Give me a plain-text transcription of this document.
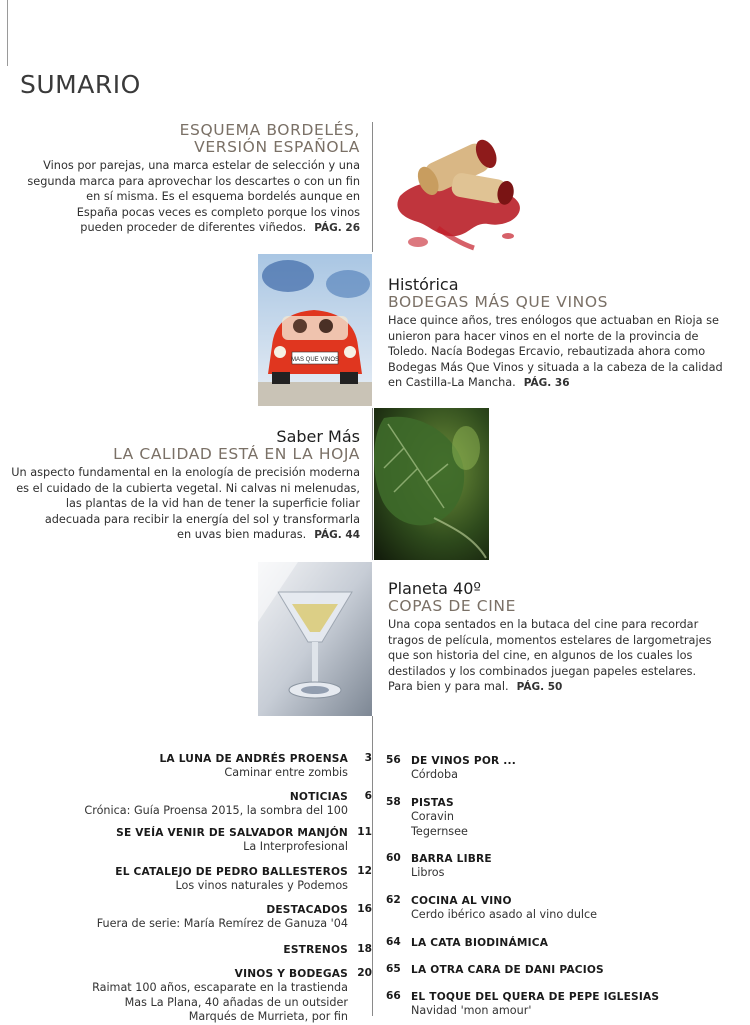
SUMARIO
ESQUEMA BORDELÉS,
VERSIÓN ESPAÑOLA

Vinos por parejas, una marca estelar de selección y una
segunda marca para aprovechar los descartes o con un fin
en sí misma. Es el esquema bordelés aunque en
España pocas veces es completo porque los vinos
pueden proceder de diferentes viñedos. PÁG. 26

MAS QUE VINOS
Histórica
BODEGAS MÁS QUE VINOS

Hace quince años, tres enólogos que actuaban en Rioja se
unieron para hacer vinos en el norte de la provincia de
Toledo. Nacía Bodegas Ercavio, rebautizada ahora como
Bodegas Más Que Vinos y situada a la cabeza de la calidad
en Castilla-La Mancha. PÁG. 36

Saber Más
LA CALIDAD ESTÁ EN LA HOJA

Un aspecto fundamental en la enología de precisión moderna
es el cuidado de la cubierta vegetal. Ni calvas ni melenudas,
las plantas de la vid han de tener la superficie foliar
adecuada para recibir la energía del sol y transformarla
en uvas bien maduras. PÁG. 44

Planeta 40º
COPAS DE CINE

Una copa sentados en la butaca del cine para recordar
tragos de película, momentos estelares de largometrajes
que son historia del cine, en algunos de los cuales los
destilados y los combinados juegan papeles estelares.
Para bien y para mal. PÁG. 50

LA LUNA DE ANDRÉS PROENSA	3
Caminar entre zombis
NOTICIAS	6
Crónica: Guía Proensa 2015, la sombra del 100
SE VEÍA VENIR DE SALVADOR MANJÓN 11
La Interprofesional
EL CATALEJO DE PEDRO BALLESTEROS 12
Los vinos naturales y Podemos
DESTACADOS 16
Fuera de serie: María Remírez de Ganuza '04
ESTRENOS 18
VINOS Y BODEGAS 20
Raimat 100 años, escaparate en la trastienda
Mas La Plana, 40 añadas de un outsider
Marqués de Murrieta, por fin
56 DE VINOS POR ...
Córdoba
58 PISTAS
Coravin
Tegernsee
60 BARRA LIBRE
Libros
62 COCINA AL VINO
Cerdo ibérico asado al vino dulce
64 LA CATA BIODINÁMICA
65 LA OTRA CARA DE DANI PACIOS
66 EL TOQUE DEL QUERA DE PEPE IGLESIAS
Navidad 'mon amour'
